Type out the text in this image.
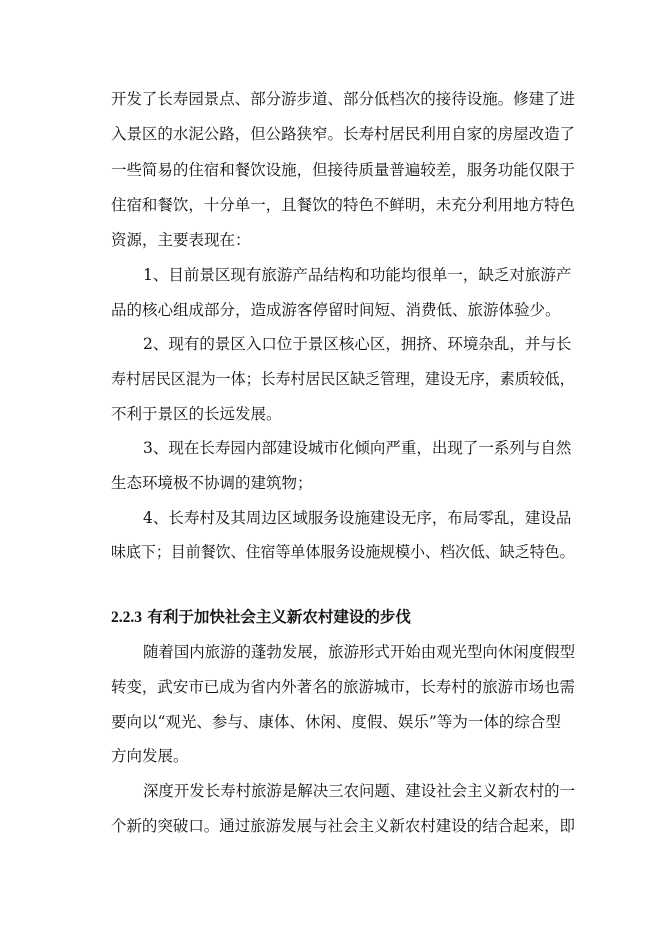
开发了长寿园景点、部分游步道、部分低档次的接待设施。修建了进
入景区的水泥公路，但公路狭窄。长寿村居民利用自家的房屋改造了
一些简易的住宿和餐饮设施，但接待质量普遍较差，服务功能仅限于
住宿和餐饮，十分单一，且餐饮的特色不鲜明，未充分利用地方特色
资源，主要表现在：
1、目前景区现有旅游产品结构和功能均很单一，缺乏对旅游产
品的核心组成部分，造成游客停留时间短、消费低、旅游体验少。
2、现有的景区入口位于景区核心区，拥挤、环境杂乱，并与长
寿村居民区混为一体；长寿村居民区缺乏管理，建设无序，素质较低，
不利于景区的长远发展。
3、现在长寿园内部建设城市化倾向严重，出现了一系列与自然
生态环境极不协调的建筑物；
4、长寿村及其周边区域服务设施建设无序，布局零乱，建设品
味底下；目前餐饮、住宿等单体服务设施规模小、档次低、缺乏特色。
2.2.3 有利于加快社会主义新农村建设的步伐
随着国内旅游的蓬勃发展，旅游形式开始由观光型向休闲度假型
转变，武安市已成为省内外著名的旅游城市，长寿村的旅游市场也需
要向以“观光、参与、康体、休闲、度假、娱乐”等为一体的综合型
方向发展。
深度开发长寿村旅游是解决三农问题、建设社会主义新农村的一
个新的突破口。通过旅游发展与社会主义新农村建设的结合起来，即
